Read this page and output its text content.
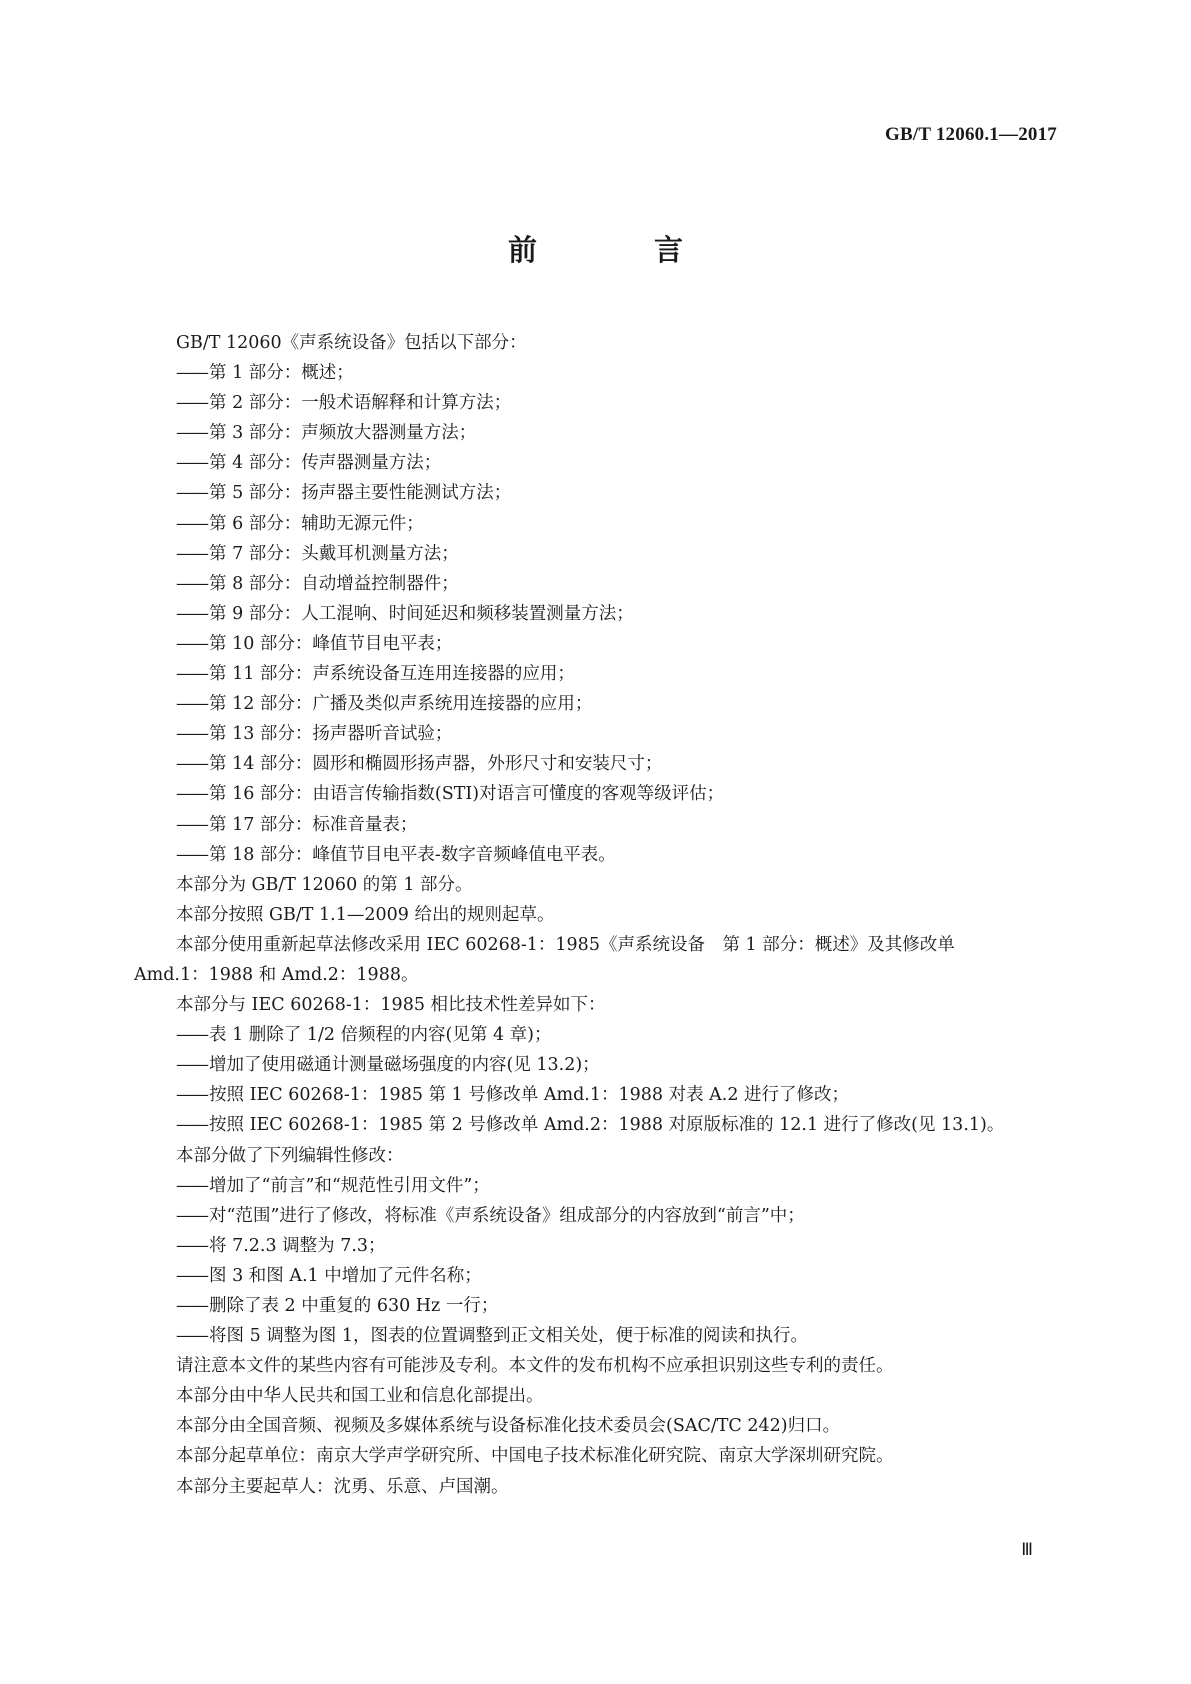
GB/T 12060.1—2017
前　言
GB/T 12060《声系统设备》包括以下部分：
—— 第 1 部分：概述；
—— 第 2 部分：一般术语解释和计算方法；
—— 第 3 部分：声频放大器测量方法；
—— 第 4 部分：传声器测量方法；
—— 第 5 部分：扬声器主要性能测试方法；
—— 第 6 部分：辅助无源元件；
—— 第 7 部分：头戴耳机测量方法；
—— 第 8 部分：自动增益控制器件；
—— 第 9 部分：人工混响、时间延迟和频移装置测量方法；
—— 第 10 部分：峰值节目电平表；
—— 第 11 部分：声系统设备互连用连接器的应用；
—— 第 12 部分：广播及类似声系统用连接器的应用；
—— 第 13 部分：扬声器听音试验；
—— 第 14 部分：圆形和椭圆形扬声器，外形尺寸和安装尺寸；
—— 第 16 部分：由语言传输指数(STI)对语言可懂度的客观等级评估；
—— 第 17 部分：标准音量表；
—— 第 18 部分：峰值节目电平表-数字音频峰值电平表。
本部分为 GB/T 12060 的第 1 部分。
本部分按照 GB/T 1.1—2009 给出的规则起草。
本部分使用重新起草法修改采用 IEC 60268-1：1985《声系统设备　第 1 部分：概述》及其修改单
Amd.1：1988 和 Amd.2：1988。
本部分与 IEC 60268-1：1985 相比技术性差异如下：
—— 表 1 删除了 1/2 倍频程的内容(见第 4 章)；
—— 增加了使用磁通计测量磁场强度的内容(见 13.2)；
—— 按照 IEC 60268-1：1985 第 1 号修改单 Amd.1：1988 对表 A.2 进行了修改；
—— 按照 IEC 60268-1：1985 第 2 号修改单 Amd.2：1988 对原版标准的 12.1 进行了修改(见 13.1)。
本部分做了下列编辑性修改：
—— 增加了“前言”和“规范性引用文件”；
—— 对“范围”进行了修改，将标准《声系统设备》组成部分的内容放到“前言”中；
—— 将 7.2.3 调整为 7.3；
—— 图 3 和图 A.1 中增加了元件名称；
—— 删除了表 2 中重复的 630 Hz 一行；
—— 将图 5 调整为图 1，图表的位置调整到正文相关处，便于标准的阅读和执行。
请注意本文件的某些内容有可能涉及专利。本文件的发布机构不应承担识别这些专利的责任。
本部分由中华人民共和国工业和信息化部提出。
本部分由全国音频、视频及多媒体系统与设备标准化技术委员会(SAC/TC 242)归口。
本部分起草单位：南京大学声学研究所、中国电子技术标准化研究院、南京大学深圳研究院。
本部分主要起草人：沈勇、乐意、卢国潮。
Ⅲ
